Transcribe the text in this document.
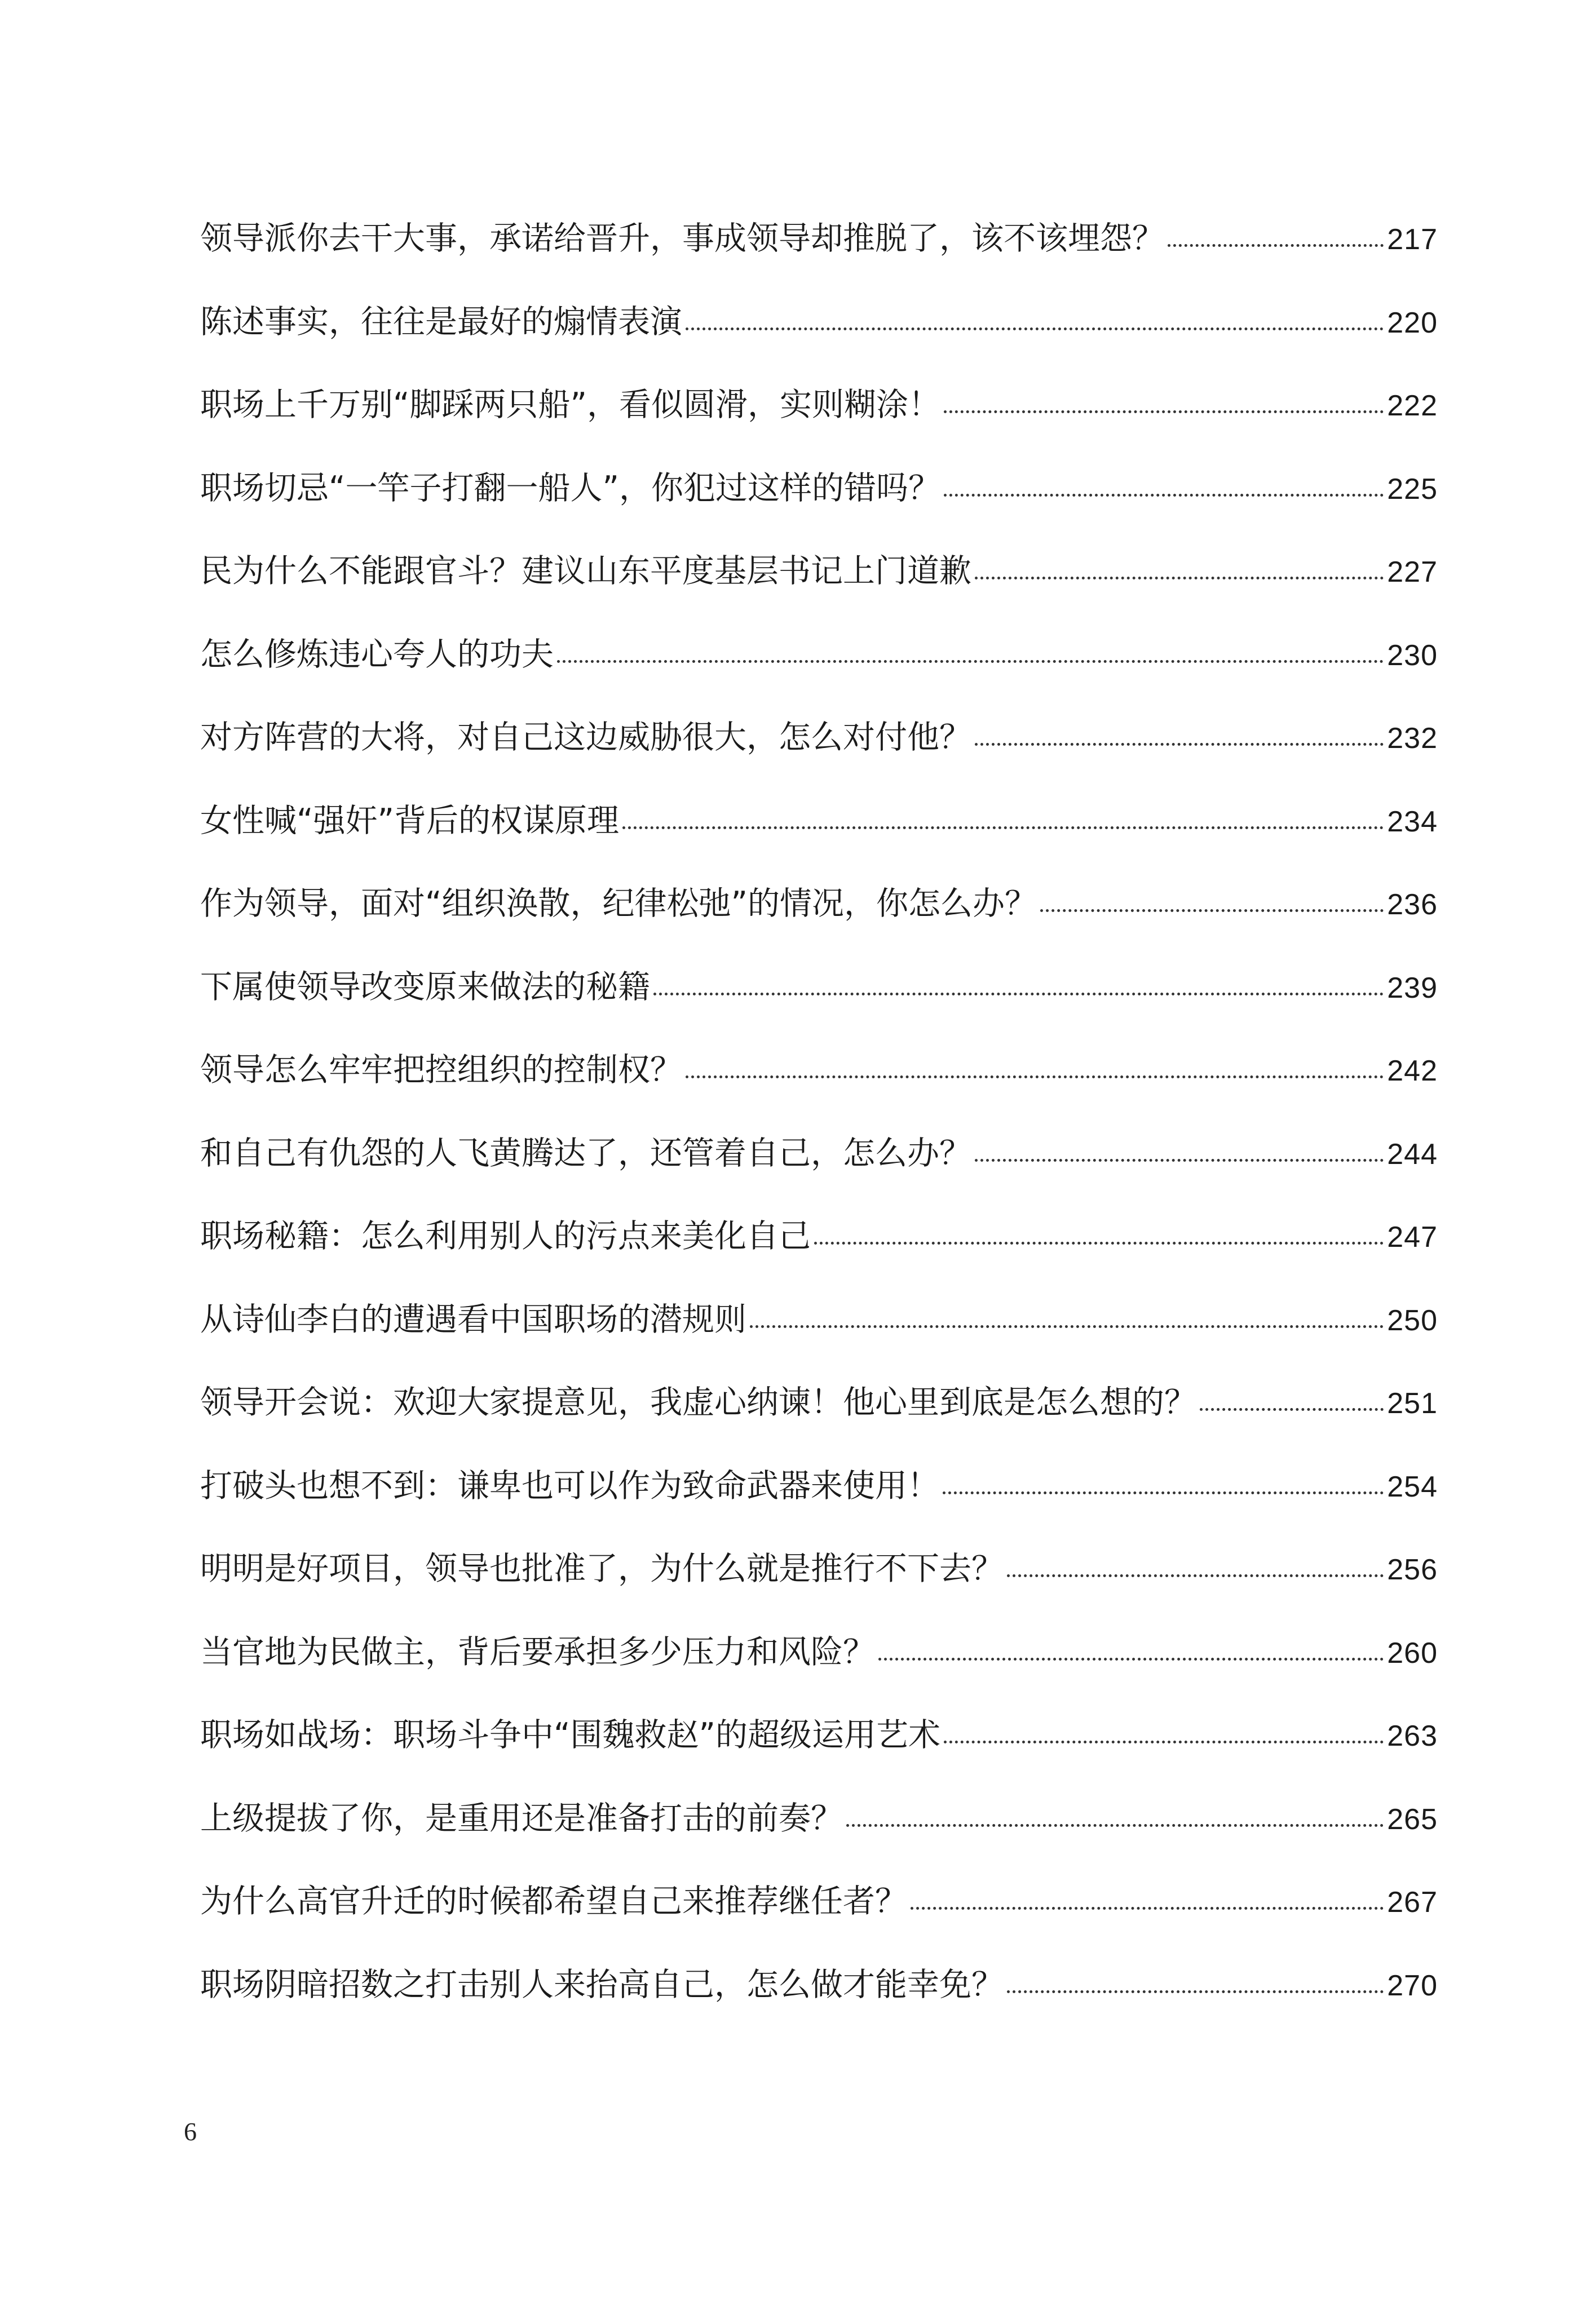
领导派你去干大事，承诺给晋升，事成领导却推脱了，该不该埋怨？	217
陈述事实，往往是最好的煽情表演	220
职场上千万别“脚踩两只船”，看似圆滑，实则糊涂！	222
职场切忌“一竿子打翻一船人”，你犯过这样的错吗？	225
民为什么不能跟官斗？建议山东平度基层书记上门道歉	227
怎么修炼违心夸人的功夫	230
对方阵营的大将，对自己这边威胁很大，怎么对付他？	232
女性喊“强奸”背后的权谋原理	234
作为领导，面对“组织涣散，纪律松弛”的情况，你怎么办？	236
下属使领导改变原来做法的秘籍	239
领导怎么牢牢把控组织的控制权？	242
和自己有仇怨的人飞黄腾达了，还管着自己，怎么办？	244
职场秘籍：怎么利用别人的污点来美化自己	247
从诗仙李白的遭遇看中国职场的潜规则	250
领导开会说：欢迎大家提意见，我虚心纳谏！他心里到底是怎么想的？	251
打破头也想不到：谦卑也可以作为致命武器来使用！	254
明明是好项目，领导也批准了，为什么就是推行不下去？	256
当官地为民做主，背后要承担多少压力和风险？	260
职场如战场：职场斗争中“围魏救赵”的超级运用艺术	263
上级提拔了你，是重用还是准备打击的前奏？	265
为什么高官升迁的时候都希望自己来推荐继任者？	267
职场阴暗招数之打击别人来抬高自己，怎么做才能幸免？	270
6
